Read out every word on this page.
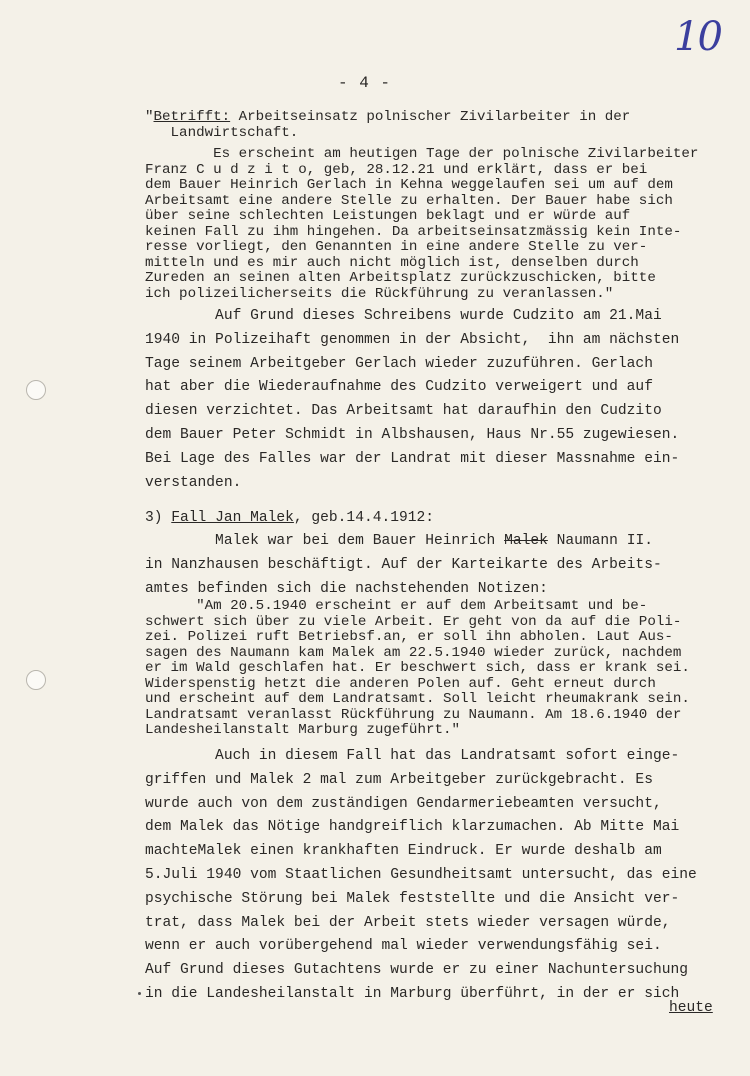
10
- 4 -
"Betrifft: Arbeitseinsatz polnischer Zivilarbeiter in der
Landwirtschaft.
Es erscheint am heutigen Tage der polnische Zivilarbeiter
Franz C u d z i t o, geb, 28.12.21 und erklärt, dass er bei
dem Bauer Heinrich Gerlach in Kehna weggelaufen sei um auf dem
Arbeitsamt eine andere Stelle zu erhalten. Der Bauer habe sich
über seine schlechten Leistungen beklagt und er würde auf
keinen Fall zu ihm hingehen. Da arbeitseinsatzmässig kein Inte-
resse vorliegt, den Genannten in eine andere Stelle zu ver-
mitteln und es mir auch nicht möglich ist, denselben durch
Zureden an seinen alten Arbeitsplatz zurückzuschicken, bitte
ich polizeilicherseits die Rückführung zu veranlassen."
Auf Grund dieses Schreibens wurde Cudzito am 21.Mai
1940 in Polizeihaft genommen in der Absicht,  ihn am nächsten
Tage seinem Arbeitgeber Gerlach wieder zuzuführen. Gerlach
hat aber die Wiederaufnahme des Cudzito verweigert und auf
diesen verzichtet. Das Arbeitsamt hat daraufhin den Cudzito
dem Bauer Peter Schmidt in Albshausen, Haus Nr.55 zugewiesen.
Bei Lage des Falles war der Landrat mit dieser Massnahme ein-
verstanden.
3) Fall Jan Malek, geb.14.4.1912:
Malek war bei dem Bauer Heinrich Malek Naumann II.
in Nanzhausen beschäftigt. Auf der Karteikarte des Arbeits-
amtes befinden sich die nachstehenden Notizen:
"Am 20.5.1940 erscheint er auf dem Arbeitsamt und be-
schwert sich über zu viele Arbeit. Er geht von da auf die Poli-
zei. Polizei ruft Betriebsf.an, er soll ihn abholen. Laut Aus-
sagen des Naumann kam Malek am 22.5.1940 wieder zurück, nachdem
er im Wald geschlafen hat. Er beschwert sich, dass er krank sei.
Widerspenstig hetzt die anderen Polen auf. Geht erneut durch
und erscheint auf dem Landratsamt. Soll leicht rheumakrank sein.
Landratsamt veranlasst Rückführung zu Naumann. Am 18.6.1940 der
Landesheilanstalt Marburg zugeführt."
Auch in diesem Fall hat das Landratsamt sofort einge-
griffen und Malek 2 mal zum Arbeitgeber zurückgebracht. Es
wurde auch von dem zuständigen Gendarmeriebeamten versucht,
dem Malek das Nötige handgreiflich klarzumachen. Ab Mitte Mai
machteMalek einen krankhaften Eindruck. Er wurde deshalb am
5.Juli 1940 vom Staatlichen Gesundheitsamt untersucht, das eine
psychische Störung bei Malek feststellte und die Ansicht ver-
trat, dass Malek bei der Arbeit stets wieder versagen würde,
wenn er auch vorübergehend mal wieder verwendungsfähig sei.
Auf Grund dieses Gutachtens wurde er zu einer Nachuntersuchung
in die Landesheilanstalt in Marburg überführt, in der er sich
heute
